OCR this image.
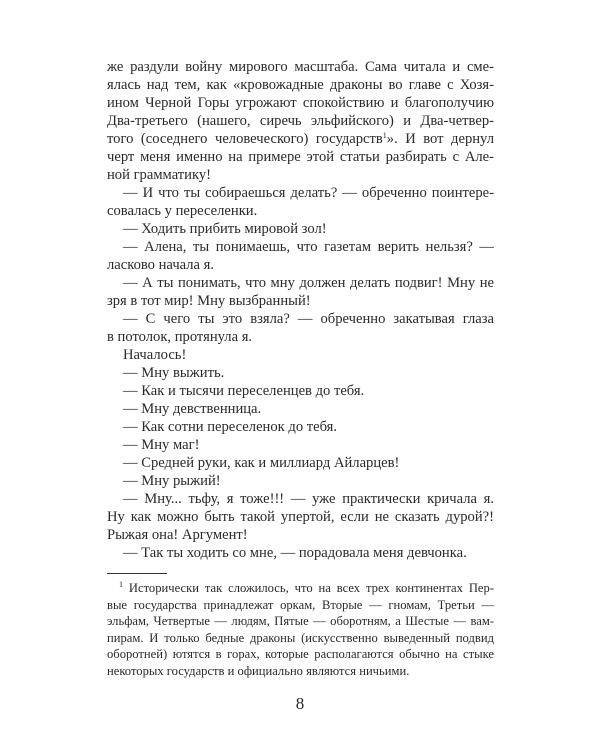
же раздули войну мирового масштаба. Сама читала и сме-
ялась над тем, как «кровожадные драконы во главе с Хозя-
ином Черной Горы угрожают спокойствию и благополучию
Два-третьего (нашего, сиречь эльфийского) и Два-четвер-
того (соседнего человеческого) государств$^1$». И вот дернул
черт меня именно на примере этой статьи разбирать с Але-
ной грамматику!
— И что ты собираешься делать? — обреченно поинтере-
совалась у переселенки.
— Ходить прибить мировой зол!
— Алена, ты понимаешь, что газетам верить нельзя? —
ласково начала я.
— А ты понимать, что мну должен делать подвиг! Мну не
зря в тот мир! Мну вызбранный!
— С чего ты это взяла? — обреченно закатывая глаза
в потолок, протянула я.
Началось!
— Мну выжить.
— Как и тысячи переселенцев до тебя.
— Мну девственница.
— Как сотни переселенок до тебя.
— Мну маг!
— Средней руки, как и миллиард Айларцев!
— Мну рыжий!
— Мну... тьфу, я тоже!!! — уже практически кричала я.
Ну как можно быть такой упертой, если не сказать дурой?!
Рыжая она! Аргумент!
— Так ты ходить со мне, — порадовала меня девчонка.
$^1$ Исторически так сложилось, что на всех трех континентах Пер-
вые государства принадлежат оркам, Вторые — гномам, Третьи —
эльфам, Четвертые — людям, Пятые — оборотням, а Шестые — вам-
пирам. И только бедные драконы (искусственно выведенный подвид
оборотней) ютятся в горах, которые располагаются обычно на стыке
некоторых государств и официально являются ничьими.
8
